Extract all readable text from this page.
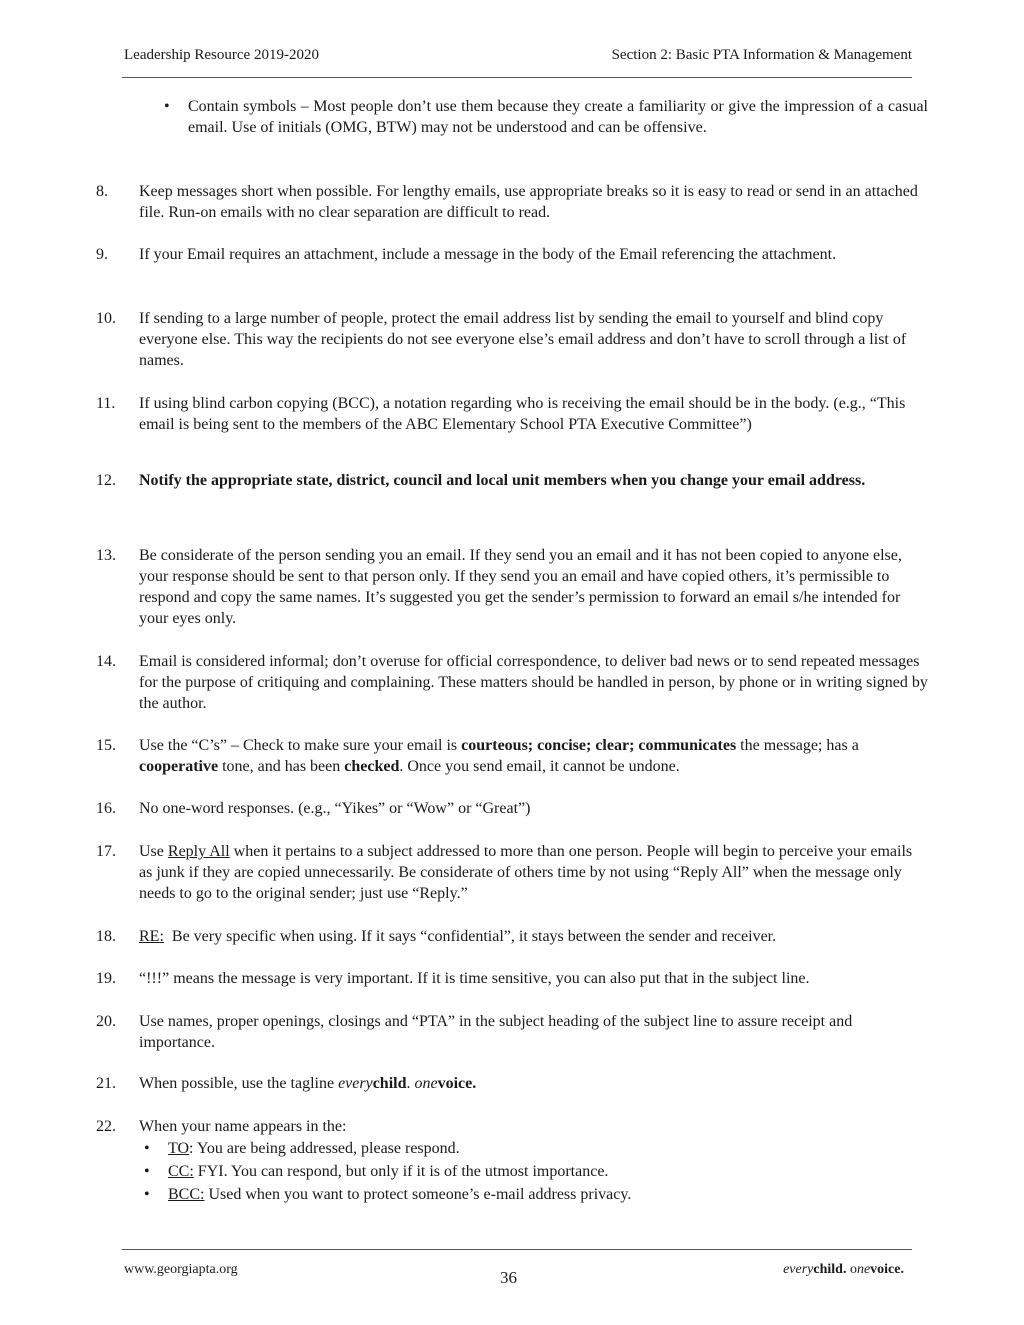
Leadership Resource 2019-2020	Section 2: Basic PTA Information & Management
• Contain symbols – Most people don’t use them because they create a familiarity or give the impression of a casual email. Use of initials (OMG, BTW) may not be understood and can be offensive.
8.	Keep messages short when possible. For lengthy emails, use appropriate breaks so it is easy to read or send in an attached file. Run-on emails with no clear separation are difficult to read.
9.	If your Email requires an attachment, include a message in the body of the Email referencing the attachment.
10.	If sending to a large number of people, protect the email address list by sending the email to yourself and blind copy everyone else. This way the recipients do not see everyone else’s email address and don’t have to scroll through a list of names.
11.	If using blind carbon copying (BCC), a notation regarding who is receiving the email should be in the body. (e.g., “This email is being sent to the members of the ABC Elementary School PTA Executive Committee”)
12.	Notify the appropriate state, district, council and local unit members when you change your email address.
13.	Be considerate of the person sending you an email. If they send you an email and it has not been copied to anyone else, your response should be sent to that person only. If they send you an email and have copied others, it’s permissible to respond and copy the same names. It’s suggested you get the sender’s permission to forward an email s/he intended for your eyes only.
14.	Email is considered informal; don’t overuse for official correspondence, to deliver bad news or to send repeated messages for the purpose of critiquing and complaining. These matters should be handled in person, by phone or in writing signed by the author.
15.	Use the “C’s” – Check to make sure your email is courteous; concise; clear; communicates the message; has a cooperative tone, and has been checked. Once you send email, it cannot be undone.
16.	No one-word responses. (e.g., “Yikes” or “Wow” or “Great”)
17.	Use Reply All when it pertains to a subject addressed to more than one person. People will begin to perceive your emails as junk if they are copied unnecessarily. Be considerate of others time by not using “Reply All” when the message only needs to go to the original sender; just use “Reply.”
18.	RE:  Be very specific when using. If it says “confidential”, it stays between the sender and receiver.
19.	“!!!” means the message is very important. If it is time sensitive, you can also put that in the subject line.
20.	Use names, proper openings, closings and “PTA” in the subject heading of the subject line to assure receipt and importance.
21.	When possible, use the tagline everychild. onevoice.
22.	When your name appears in the:
• TO: You are being addressed, please respond.
• CC: FYI. You can respond, but only if it is of the utmost importance.
• BCC: Used when you want to protect someone’s e-mail address privacy.
www.georgiapta.org	36	everychild. onevoice.
